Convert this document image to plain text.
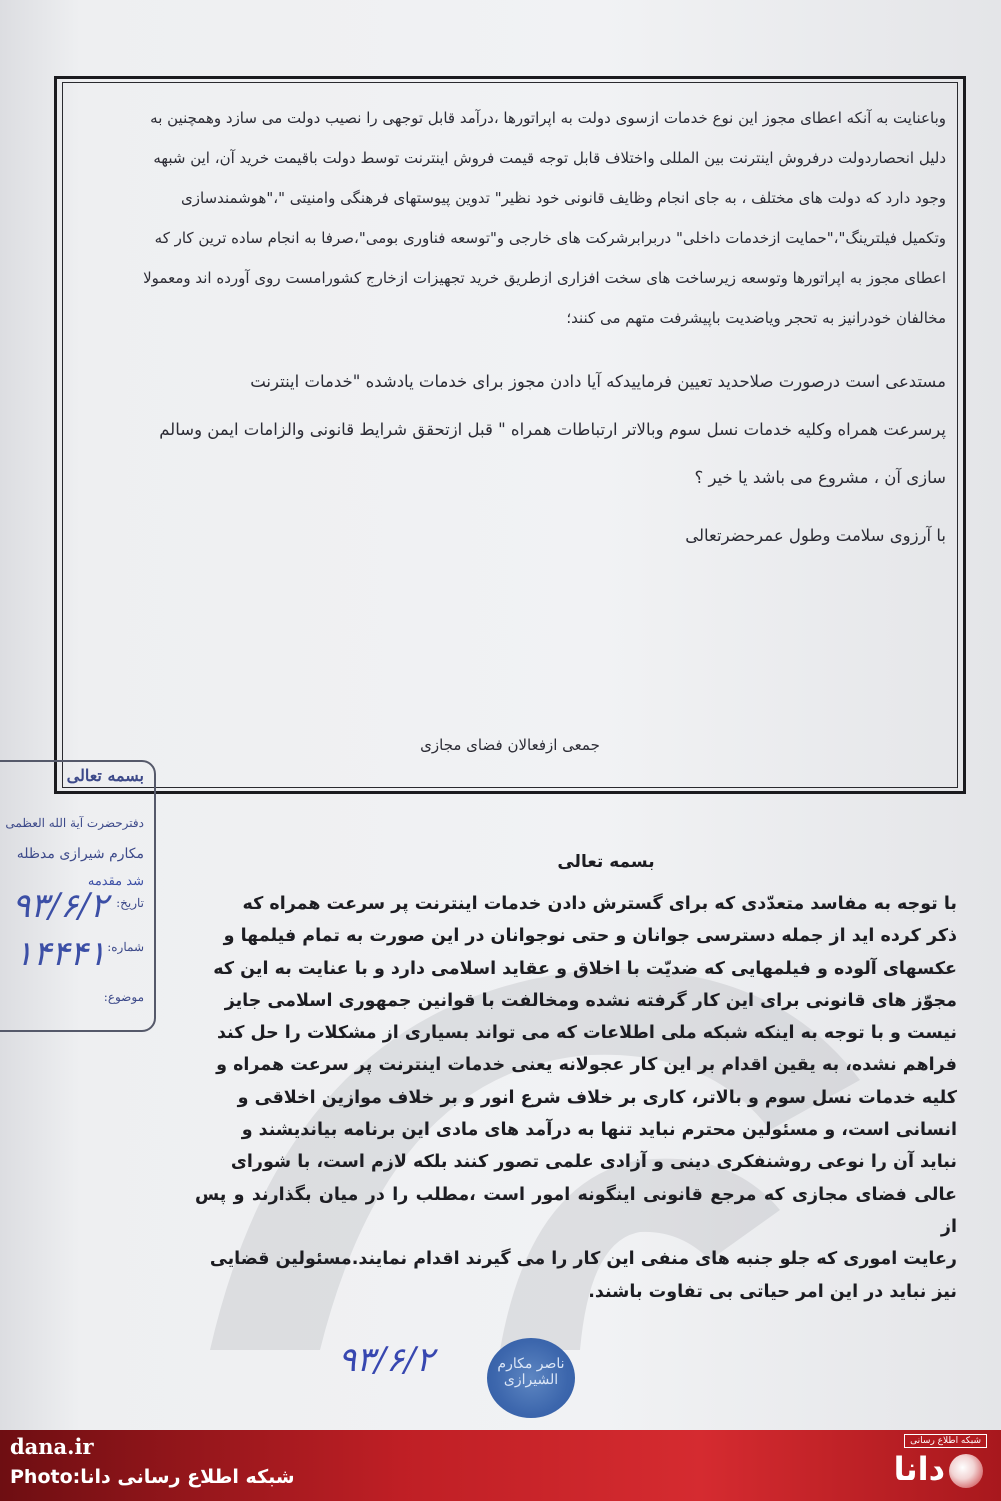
وباعنایت به آنکه اعطای مجوز این نوع خدمات ازسوی دولت به اپراتورها ،درآمد قابل توجهی را نصیب دولت می سازد وهمچنین به

دلیل انحصاردولت درفروش اینترنت بین المللی واختلاف قابل توجه قیمت فروش اینترنت توسط دولت باقیمت خرید آن، این شبهه

وجود دارد که دولت های مختلف ، به جای انجام وظایف قانونی خود نظیر" تدوین پیوستهای فرهنگی وامنیتی "،"هوشمندسازی

وتکمیل فیلترینگ"،"حمایت ازخدمات داخلی" دربرابرشرکت های خارجی و"توسعه فناوری بومی"،صرفا به انجام ساده ترین کار که

اعطای مجوز به اپراتورها وتوسعه زیرساخت های سخت افزاری ازطریق خرید تجهیزات ازخارج کشورامست روی آورده اند ومعمولا

مخالفان خودرانیز به تحجر ویاضدیت باپیشرفت متهم می کنند؛

مستدعی است درصورت صلاحدید تعیین فرمایید‌که آیا دادن مجوز برای خدمات یادشده "خدمات اینترنت

پرسرعت همراه وکلیه خدمات نسل سوم وبالاتر ارتباطات همراه " قبل ازتحقق شرایط قانونی والزامات ایمن وسالم

سازی آن ، مشروع می باشد یا خیر ؟

با آرزوی سلامت وطول عمرحضرتعالی

جمعی ازفعالان فضای مجازی
بسمه تعالی
دفترحضرت آیة الله العظمی
مکارم شیرازی مدظله
شد مقدمه
تاریخ:
۹۳/۶/۲
شماره:
۱۴۴۴۱
موضوع:
بسمه تعالی

با توجه به مفاسد متعدّدی که برای گسترش دادن خدمات اینترنت پر سرعت همراه که

ذکر کرده اید از جمله دسترسی جوانان و حتی نوجوانان در این صورت به تمام فیلمها و

عکسهای آلوده و فیلمهایی که ضدیّت با اخلاق و عقاید اسلامی دارد و با عنایت به این که

مجوّز های قانونی برای این کار گرفته نشده ومخالفت با قوانین جمهوری اسلامی جایز

نیست و با توجه به اینکه شبکه ملی اطلاعات که می تواند بسیاری از مشکلات را حل کند

فراهم نشده، به یقین اقدام بر این کار عجولانه یعنی خدمات اینترنت پر سرعت همراه و

کلیه خدمات نسل سوم و بالاتر، کاری بر خلاف شرع انور و بر خلاف موازین اخلاقی و

انسانی است، و مسئولین محترم نباید تنها به درآمد های مادی این برنامه بیاندیشند و

نباید آن را نوعی روشنفکری دینی و آزادی علمی تصور کنند بلکه لازم است، با شورای

عالی فضای مجازی که مرجع قانونی اینگونه امور است ،مطلب را در میان بگذارند و پس از

رعایت اموری که جلو جنبه های منفی این کار را می گیرند اقدام نمایند.مسئولین قضایی

نیز نباید در این امر حیاتی بی تفاوت باشند.

۹۳/۶/۲	ناصر مکارم الشیرازی
dana.ir
Photo:شبکه اطلاع رسانی دانا
شبکه اطلاع رسانی
دانا
